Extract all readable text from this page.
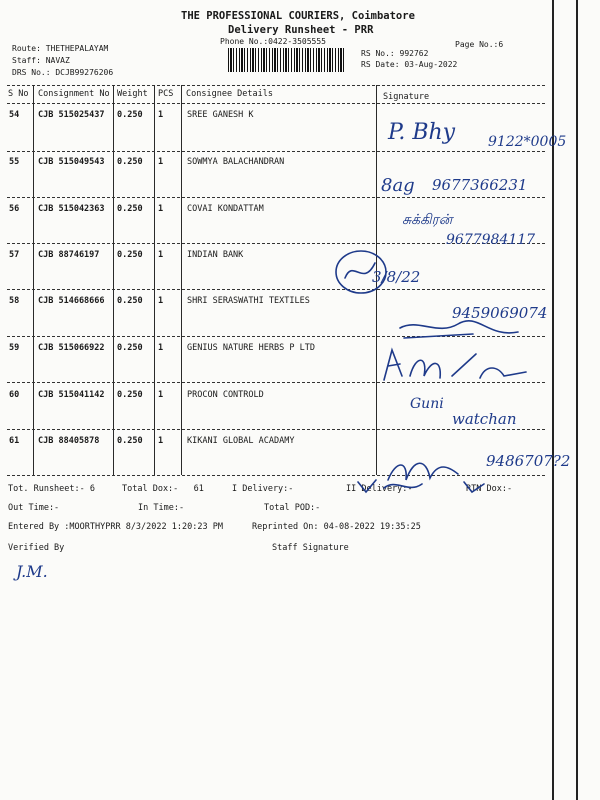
THE PROFESSIONAL COURIERS, Coimbatore
Delivery Runsheet - PRR
Phone No.:0422-3505555	Page No.:6
Route: THETHEPALAYAM
Staff: NAVAZ
DRS No.: DCJB99276206
RS No.: 992762
RS Date: 03-Aug-2022
S No Consignment No Weight PCS Consignee Details	Signature
54 CJB 515025437 0.250 1	SREE GANESH K
55 CJB 515049543 0.250 1	SOWMYA BALACHANDRAN
56 CJB 515042363 0.250 1	COVAI KONDATTAM
57 CJB 88746197 0.250 1	INDIAN BANK
58 CJB 514668666 0.250 1	SHRI SERASWATHI TEXTILES
59 CJB 515066922 0.250 1	GENIUS NATURE HERBS P LTD
60 CJB 515041142 0.250 1	PROCON CONTROLD
61 CJB 88405878 0.250 1	KIKANI GLOBAL ACADAMY
Tot. Runsheet:- 6	Total Dox:-   61	I Delivery:-	II Delivery:-	RTN Dox:-
Out Time:-	In Time:-	Total POD:-
Entered By :MOORTHYPRR 8/3/2022 1:20:23 PM	Reprinted On: 04-08-2022 19:35:25
Verified By	Staff Signature
P. Bhy 9122*0005
8ag 9677366231
சுக்கிரன்
9677984117
3/8/22
9459069074
Guni
watchan
9486707?2
J.M.
